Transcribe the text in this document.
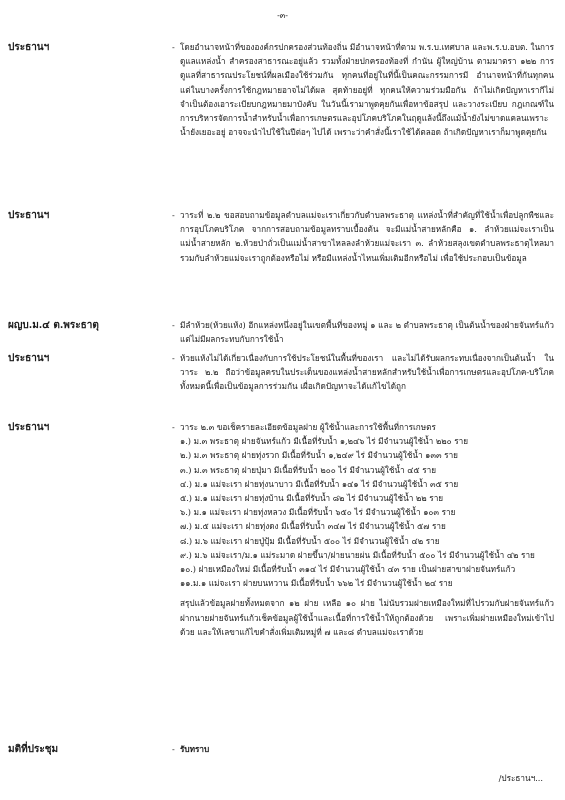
-๓-
ประธานฯ	- โดยอำนาจหน้าที่ขององค์กรปกครองส่วนท้องถิ่น มีอำนาจหน้าที่ตาม พ.ร.บ.เทศบาล และพ.ร.บ.อบต. ในการดูแลแหล่งน้ำ สำครองสาธารณะอยู่แล้ว รวมทั้งฝ่ายปกครองท้องที่ กำนัน ผู้ใหญ่บ้าน ตามมาตรา ๑๒๒ การดูแลที่สาธารณประโยชน์ที่ผลเมืองใช้ร่วมกัน ทุกคนที่อยู่ในที่นี้เป็นคณะกรรมการมี อำนาจหน้าที่กันทุกคน แต่ในบางครั้งการใช้กฎหมายอาจไม่ได้ผล สุดท้ายอยู่ที่ ทุกคนให้ความร่วมมือกัน ถ้าไม่เกิดปัญหาเรากีไม่จำเป็นต้องเอาระเบียบกฎหมายมาบังคับ ในวันนี้เรามาพูดคุยกันเพื่อหาข้อสรุป และวางระเบียบ กฎเกณฑ์ในการบริหารจัดการน้ำสำหรับน้ำเพื่อการเกษตรและอุปโภคบริโภคในฤดูแล้งนี้ถึงแม้น้ำยังไม่ขาดแคลนเพราะน้ำยังเยอะอยู่ อาจจะนำไปใช้ในปีต่อๆ ไปได้ เพราะว่าคำสั่งนี้เราใช้ได้ตลอด ถ้าเกิดปัญหาเราก็มาพูดคุยกัน

ประธานฯ	- วาระที่ ๒.๒ ขอสอบถามข้อมูลตำบลแม่จะเราเกี่ยวกับตำบลพระธาตุ แหล่งน้ำที่สำคัญที่ใช้น้ำเพื่อปลูกพืชและการอุปโภคบริโภค จากการสอบถามข้อมูลทราบเบื้องต้น จะมีแม่น้ำสายหลักคือ ๑. ลำห้วยแม่จะเราเป็นแม่น้ำสายหลัก ๒.ห้วยป่าถั่วเป็นแม่น้ำสาขาไหลลงลำห้วยแม่จะเรา ๓. ลำห้วยสลุงเขตตำบลพระธาตุไหลมารวมกับลำห้วยแม่จะเราถูกต้องหรือไม่ หรือมีแหล่งน้ำไหนเพิ่มเติมอีกหรือไม่ เพื่อใช้ประกอบเป็นข้อมูล

ผญบ.ม.๔ ต.พระธาตุ	- มีลำห้วย(ห้วยแห้ง) อีกแหล่งหนึ่งอยู่ในเขตพื้นที่ของหมู่ ๑ และ ๒ ตำบลพระธาตุ เป็นต้นน้ำของฝ่ายจันทร์แก้ว แต่ไม่มีผลกระทบกับการใช้น้ำ

ประธานฯ	- ห้วยแห้งไม่ได้เกี่ยวเนื่องกับการใช้ประโยชน์ในพื้นที่ของเรา และไม่ได้รับผลกระทบเนื่องจากเป็นต้นน้ำ ในวาระ ๒.๒ ถือว่าข้อมูลครบในประเด็นของแหล่งน้ำสายหลักสำหรับใช้น้ำเพื่อการเกษตรและอุปโภค-บริโภค ทั้งหมดนี้เพื่อเป็นข้อมูลการร่วมกัน เผื่อเกิดปัญหาจะได้แก้ไขได้ถูก

ประธานฯ	- วาระ ๒.๓ ขอเช็ครายละเอียดข้อมูลฝาย ผู้ใช้น้ำและการใช้พื้นที่การเกษตร

๑.) ม.๓ พระธาตุ ฝายจันทร์แก้ว มีเนื้อที่รับน้ำ ๑,๒๔๖ ไร่ มีจำนวนผู้ใช้น้ำ ๒๒๐ ราย
๒.) ม.๓ พระธาตุ ฝายทุ่งรวก มีเนื้อที่รับน้ำ ๑,๒๔๙ ไร่ มีจำนวนผู้ใช้น้ำ ๑๓๓ ราย
๓.) ม.๓ พระธาตุ ฝายปุ่มา มีเนื้อที่รับน้ำ ๒๐๐ ไร่ มีจำนวนผู้ใช้น้ำ ๔๕ ราย
๔.) ม.๑ แม่จะเรา ฝายทุ่งนาบาว มีเนื้อที่รับน้ำ ๑๔๑ ไร่ มีจำนวนผู้ใช้น้ำ ๓๕ ราย
๕.) ม.๑ แม่จะเรา ฝายทุ่งบ้าน มีเนื้อที่รับน้ำ ๘๒ ไร่ มีจำนวนผู้ใช้น้ำ ๒๒ ราย
๖.) ม.๑ แม่จะเรา ฝายทุ่งหลวง มีเนื้อที่รับน้ำ ๖๕๐ ไร่ มีจำนวนผู้ใช้น้ำ ๑๐๓ ราย
๗.) ม.๕ แม่จะเรา ฝายทุ่งดง มีเนื้อที่รับน้ำ ๓๔๗ ไร่ มีจำนวนผู้ใช้น้ำ ๕๗ ราย
๘.) ม.๖ แม่จะเรา ฝายปู่ปุ้ม มีเนื้อที่รับน้ำ ๕๐๐ ไร่ มีจำนวนผู้ใช้น้ำ ๔๒ ราย
๙.) ม.๖ แม่จะเรา/ม.๑ แม่ระมาด ฝายขึ้นา/ฝายนายผ่น มีเนื้อที่รับน้ำ ๕๐๐ ไร่ มีจำนวนผู้ใช้น้ำ ๔๒ ราย
๑๐.) ฝายเหมืองใหม่ มีเนื้อที่รับน้ำ ๓๑๔ ไร่ มีจำนวนผู้ใช้น้ำ ๔๓ ราย เป็นฝายสาขาฝายจันทร์แก้ว
๑๑.ม.๑ แม่จะเรา ฝายบนหวาน มีเนื้อที่รับน้ำ ๖๖๒ ไร่ มีจำนวนผู้ใช้น้ำ ๒๔ ราย

สรุปแล้วข้อมูลฝายทั้งหมดจาก ๑๒ ฝาย เหลือ ๑๐ ฝาย ไม่นับรวมฝายเหมืองใหม่ที่ไปรวมกับฝายจันทร์แก้ว ฝากนายฝายจันทร์แก้วเช็คข้อมูลผู้ใช้น้ำและเนื้อที่การใช้น้ำให้ถูกต้องด้วย เพราะเพิ่มฝายเหมืองใหม่เข้าไปด้วย และให้เลขาแก้ไขคำสั่งเพิ่มเติมหมู่ที่ ๗ และ๘ ตำบลแม่จะเราด้วย

มติที่ประชุม	- รับทราบ

/ประธานฯ...
